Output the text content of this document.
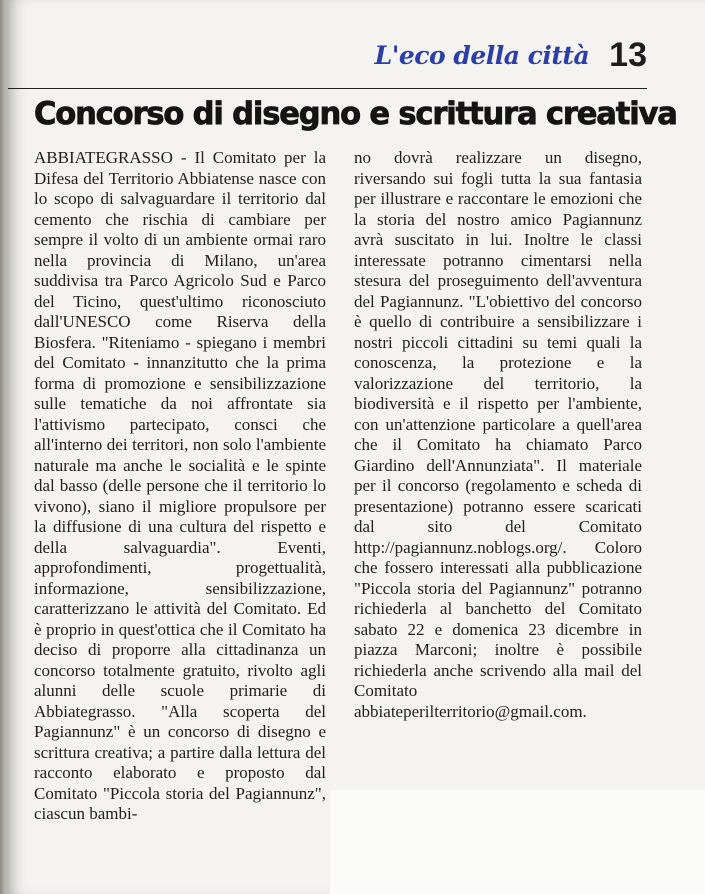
L'eco della città 13
Concorso di disegno e scrittura creativa

ABBIATEGRASSO - Il Comitato per la Difesa del Territorio Abbiatense nasce con lo scopo di salvaguardare il territorio dal cemento che rischia di cambiare per sempre il volto di un ambiente ormai raro nella provincia di Milano, un'area suddivisa tra Parco Agricolo Sud e Parco del Ticino, quest'ultimo riconosciuto dall'UNESCO come Riserva della Biosfera. "Riteniamo - spiegano i membri del Comitato - innanzitutto che la prima forma di promozione e sensibilizzazione sulle tematiche da noi affrontate sia l'attivismo partecipato, consci che all'interno dei territori, non solo l'ambiente naturale ma anche le socialità e le spinte dal basso (delle persone che il territorio lo vivono), siano il migliore propulsore per la diffusione di una cultura del rispetto e della salvaguardia". Eventi, approfondimenti, progettualità, informazione, sensibilizzazione, caratterizzano le attività del Comitato. Ed è proprio in quest'ottica che il Comitato ha deciso di proporre alla cittadinanza un concorso totalmente gratuito, rivolto agli alunni delle scuole primarie di Abbiategrasso. "Alla scoperta del Pagiannunz" è un concorso di disegno e scrittura creativa; a partire dalla lettura del racconto elaborato e proposto dal Comitato "Piccola storia del Pagiannunz", ciascun bambi-

no dovrà realizzare un disegno, riversando sui fogli tutta la sua fantasia per illustrare e raccontare le emozioni che la storia del nostro amico Pagiannunz avrà suscitato in lui. Inoltre le classi interessate potranno cimentarsi nella stesura del proseguimento dell'avventura del Pagiannunz. "L'obiettivo del concorso è quello di contribuire a sensibilizzare i nostri piccoli cittadini su temi quali la conoscenza, la protezione e la valorizzazione del territorio, la biodiversità e il rispetto per l'ambiente, con un'attenzione particolare a quell'area che il Comitato ha chiamato Parco Giardino dell'Annunziata". Il materiale per il concorso (regolamento e scheda di presentazione) potranno essere scaricati dal sito del Comitato http://pagiannunz.noblogs.org/. Coloro che fossero interessati alla pubblicazione "Piccola storia del Pagiannunz" potranno richiederla al banchetto del Comitato sabato 22 e domenica 23 dicembre in piazza Marconi; inoltre è possibile richiederla anche scrivendo alla mail del Comitato abbiateperilterritorio@gmail.com.
